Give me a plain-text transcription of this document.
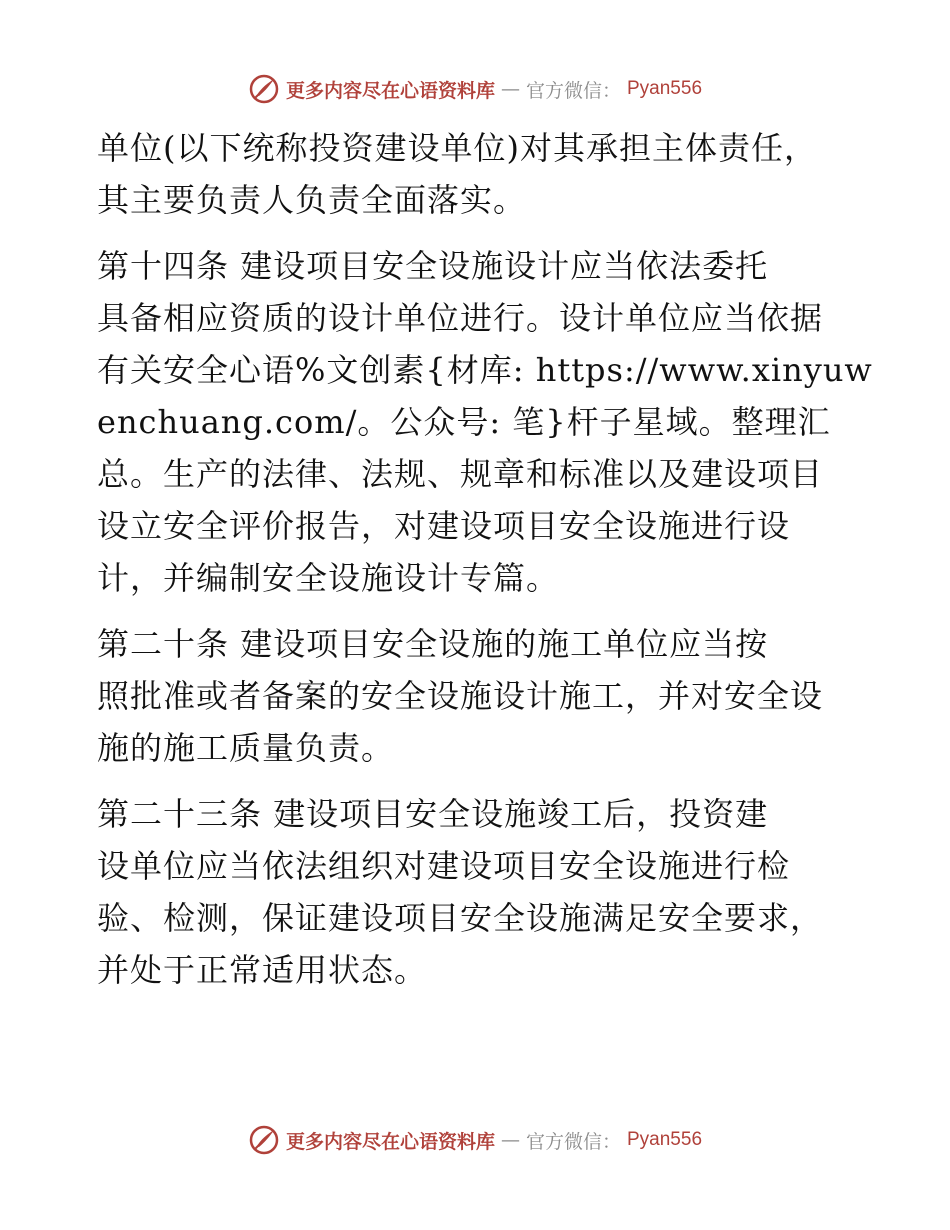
更多内容尽在心语资料库 — 官方微信： Pyan556
单位(以下统称投资建设单位)对其承担主体责任，
其主要负责人负责全面落实。
第十四条 建设项目安全设施设计应当依法委托
具备相应资质的设计单位进行。设计单位应当依据
有关安全心语%文创素{材库: https://www.xinyuw
enchuang.com/。公众号: 笔}杆子星域。整理汇
总。生产的法律、法规、规章和标准以及建设项目
设立安全评价报告，对建设项目安全设施进行设
计，并编制安全设施设计专篇。
第二十条 建设项目安全设施的施工单位应当按
照批准或者备案的安全设施设计施工，并对安全设
施的施工质量负责。
第二十三条 建设项目安全设施竣工后，投资建
设单位应当依法组织对建设项目安全设施进行检
验、检测，保证建设项目安全设施满足安全要求，
并处于正常适用状态。
更多内容尽在心语资料库 — 官方微信： Pyan556
